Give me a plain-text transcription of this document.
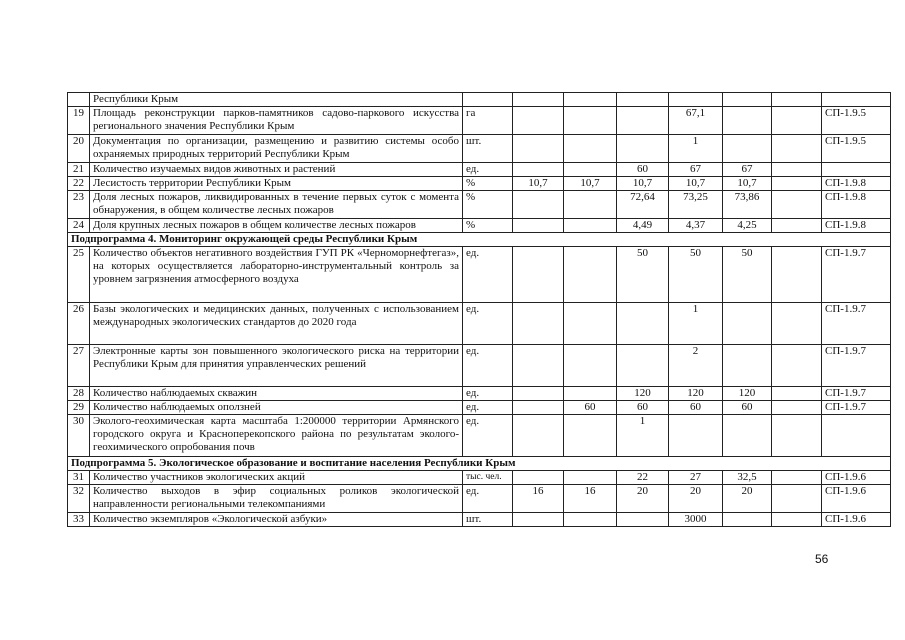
	Республики Крым								
19	Площадь реконструкции парков-памятников садово-паркового искусства регионального значения Республики Крым	га				67,1			СП-1.9.5
20	Документация по организации, размещению и развитию системы особо охраняемых природных территорий Республики Крым	шт.				1			СП-1.9.5
21	Количество изучаемых видов животных и растений	ед.			60	67	67		
22	Лесистость территории Республики Крым	%	10,7	10,7	10,7	10,7	10,7		СП-1.9.8
23	Доля лесных пожаров, ликвидированных в течение первых суток с момента обнаружения, в общем количестве лесных пожаров	%			72,64	73,25	73,86		СП-1.9.8
24	Доля крупных лесных пожаров в общем количестве лесных пожаров	%			4,49	4,37	4,25		СП-1.9.8
Подпрограмма 4. Мониторинг окружающей среды Республики Крым									
25	Количество объектов негативного воздействия ГУП РК «Черноморнефтегаз», на которых осуществляется лабораторно-инструментальный контроль за уровнем загрязнения атмосферного воздуха	ед.			50	50	50		СП-1.9.7
26	Базы экологических и медицинских данных, полученных с использованием международных экологических стандартов до 2020 года	ед.				1			СП-1.9.7
27	Электронные карты зон повышенного экологического риска на территории Республики Крым для принятия управленческих решений	ед.				2			СП-1.9.7
28	Количество наблюдаемых скважин	ед.			120	120	120		СП-1.9.7
29	Количество наблюдаемых оползней	ед.		60	60	60	60		СП-1.9.7
30	Эколого-геохимическая карта масштаба 1:200000 территории Армянского городского округа и Красноперекопского района по результатам эколого-геохимического опробования почв	ед.			1				
Подпрограмма 5. Экологическое образование и воспитание населения Республики Крым									
31	Количество участников экологических акций	тыс. чел.			22	27	32,5		СП-1.9.6
32	Количество выходов в эфир социальных роликов экологической направленности региональными телекомпаниями	ед.	16	16	20	20	20		СП-1.9.6
33	Количество экземпляров «Экологической азбуки»	шт.				3000			СП-1.9.6
56
